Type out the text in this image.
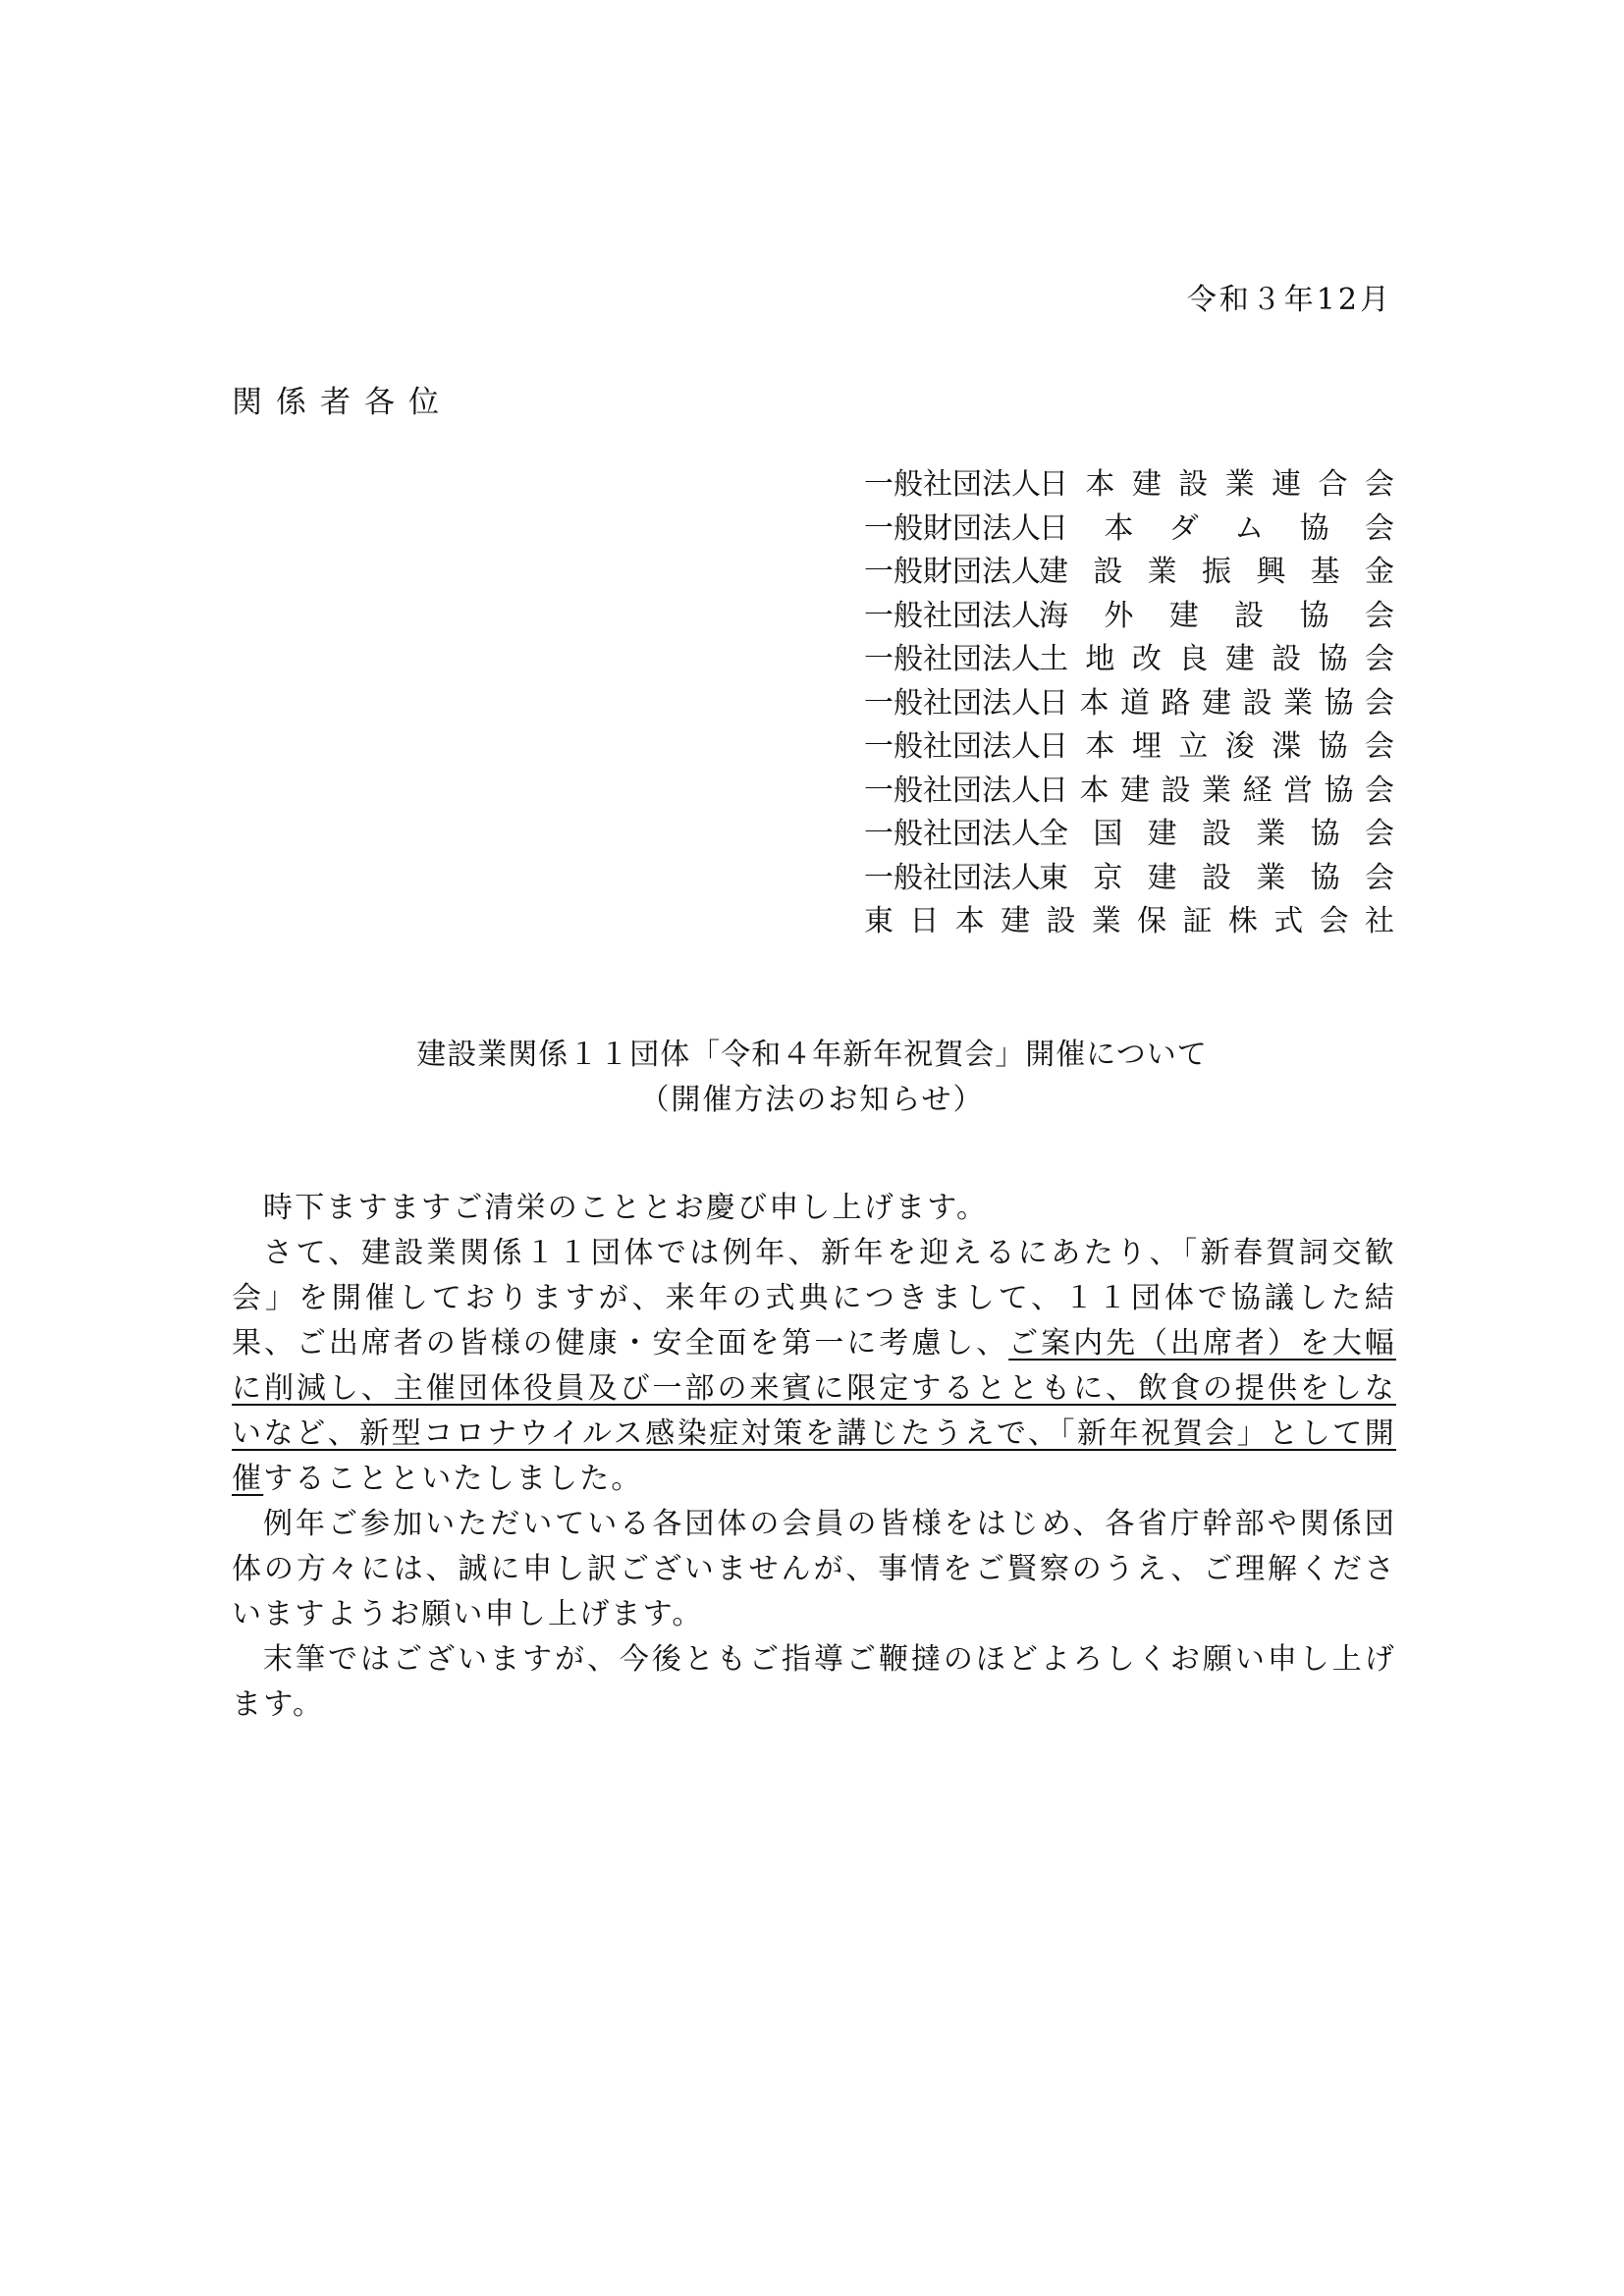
令和３年12月
関係者各位
一般社団法人
日 本 建 設 業 連 合 会
一般財団法人
日 本 ダ ム 協 会
一般財団法人
建 設 業 振 興 基 金
一般社団法人
海 外 建 設 協 会
一般社団法人
土 地 改 良 建 設 協 会
一般社団法人
日 本 道 路 建 設 業 協 会
一般社団法人
日 本 埋 立 浚 渫 協 会
一般社団法人
日 本 建 設 業 経 営 協 会
一般社団法人
全 国 建 設 業 協 会
一般社団法人
東 京 建 設 業 協 会
東 日 本 建 設 業 保 証 株 式 会 社
建設業関係１１団体「令和４年新年祝賀会」開催について
（開催方法のお知らせ）

時下ますますご清栄のこととお慶び申し上げます。

さて、建設業関係１１団体では例年、新年を迎えるにあたり、「新春賀詞交歓会」を開催しておりますが、来年の式典につきまして、１１団体で協議した結果、ご出席者の皆様の健康・安全面を第一に考慮し、ご案内先（出席者）を大幅に削減し、主催団体役員及び一部の来賓に限定するとともに、飲食の提供をしないなど、新型コロナウイルス感染症対策を講じたうえで、「新年祝賀会」として開催することといたしました。

例年ご参加いただいている各団体の会員の皆様をはじめ、各省庁幹部や関係団体の方々には、誠に申し訳ございませんが、事情をご賢察のうえ、ご理解くださいますようお願い申し上げます。

末筆ではございますが、今後ともご指導ご鞭撻のほどよろしくお願い申し上げます。
